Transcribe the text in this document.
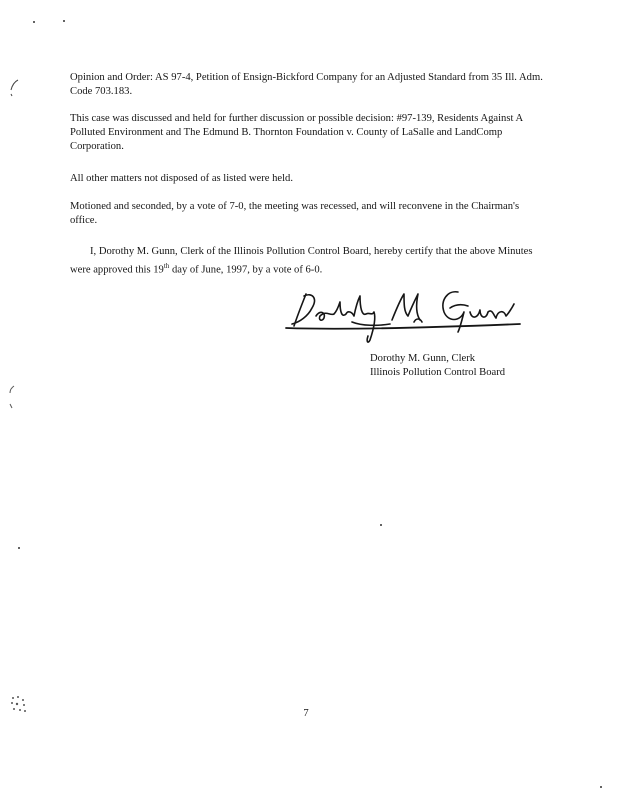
Opinion and Order: AS 97-4, Petition of Ensign-Bickford Company for an Adjusted Standard from 35 Ill. Adm. Code 703.183.

This case was discussed and held for further discussion or possible decision: #97-139, Residents Against A Polluted Environment and The Edmund B. Thornton Foundation v. County of LaSalle and LandComp Corporation.

All other matters not disposed of as listed were held.

Motioned and seconded, by a vote of 7-0, the meeting was recessed, and will reconvene in the Chairman's office.

I, Dorothy M. Gunn, Clerk of the Illinois Pollution Control Board, hereby certify that the above Minutes were approved this 19th day of June, 1997, by a vote of 6-0.

Dorothy M. Gunn, Clerk
Illinois Pollution Control Board
7
